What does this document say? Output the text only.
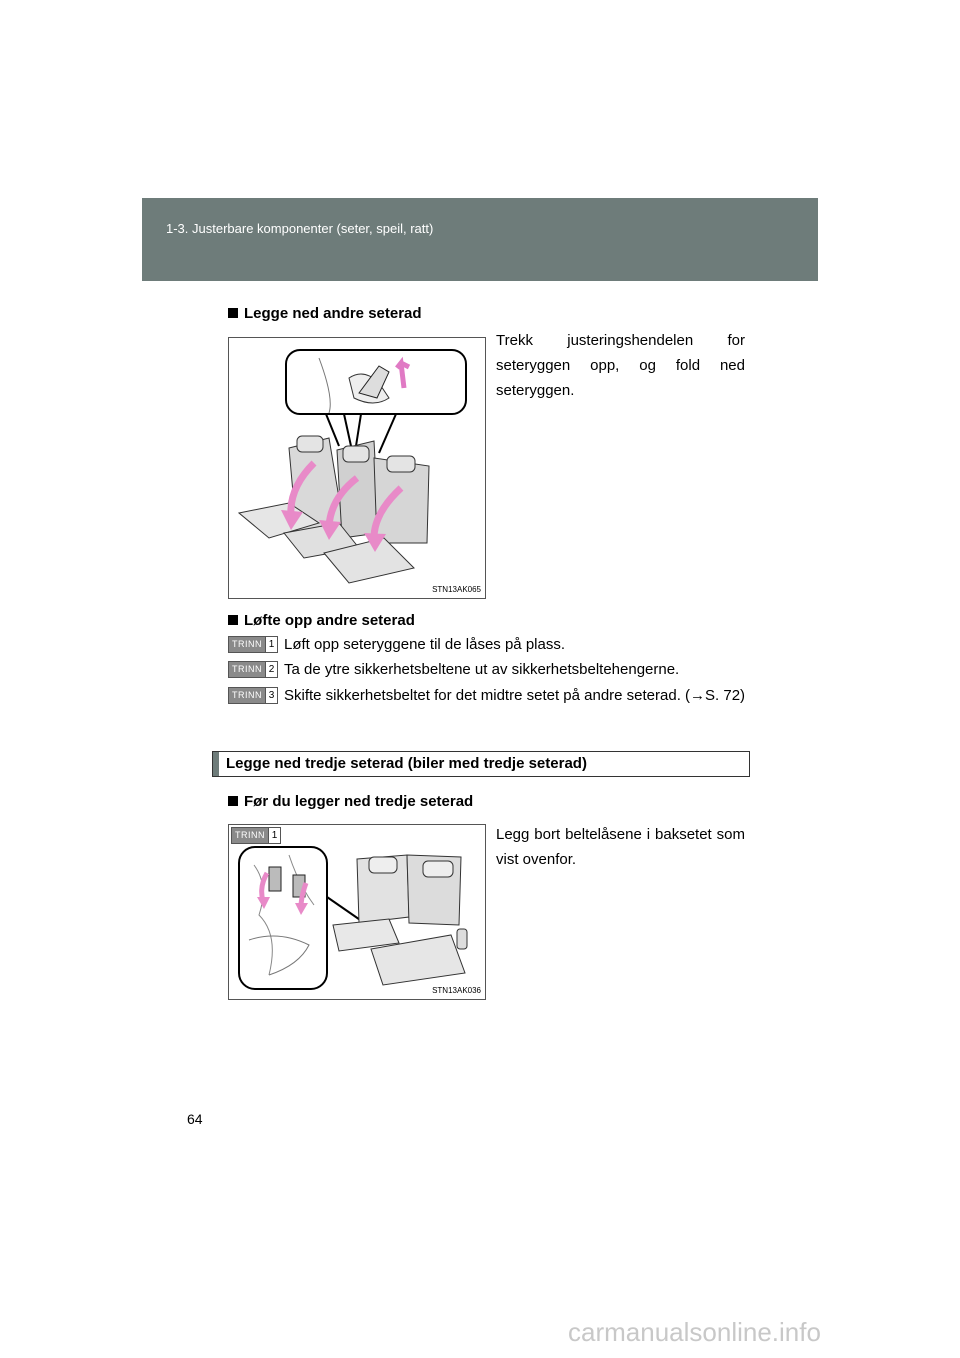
1-3. Justerbare komponenter (seter, speil, ratt)
Legge ned andre seterad
STN13AK065
Trekk justeringshendelen for seteryggen opp, og fold ned seteryggen.
Løfte opp andre seterad
TRINN 1 Løft opp seteryggene til de låses på plass.
TRINN 2 Ta de ytre sikkerhetsbeltene ut av sikkerhetsbeltehengerne.
TRINN 3 Skifte sikkerhetsbeltet for det midtre setet på andre seterad. (→S. 72)
Legge ned tredje seterad (biler med tredje seterad)
Før du legger ned tredje seterad
TRINN 1
STN13AK036
Legg bort beltelåsene i baksetet som vist ovenfor.
64
carmanualsonline.info
